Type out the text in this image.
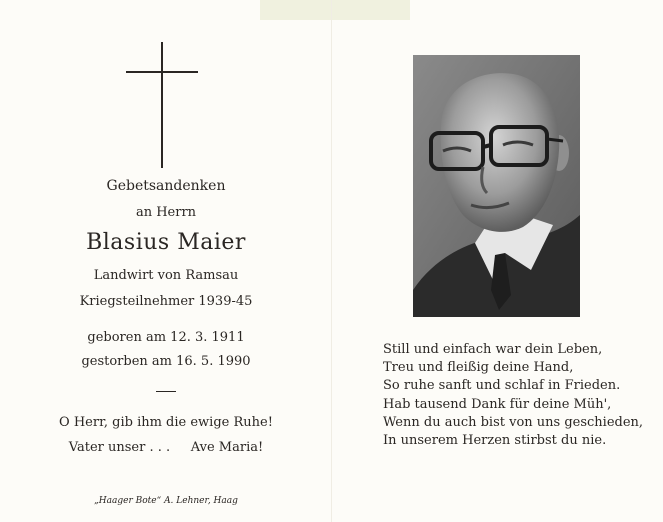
Gebetsandenken
an Herrn
Blasius Maier
Landwirt von Ramsau
Kriegsteilnehmer 1939-45
geboren am 12. 3. 1911
gestorben am 16. 5. 1990
O Herr, gib ihm die ewige Ruhe!
Vater unser . . .     Ave Maria!
„Haager Bote“ A. Lehner, Haag
Still und einfach war dein Leben,
Treu und fleißig deine Hand,
So ruhe sanft und schlaf in Frieden.
Hab tausend Dank für deine Müh',
Wenn du auch bist von uns geschieden,
In unserem Herzen stirbst du nie.
